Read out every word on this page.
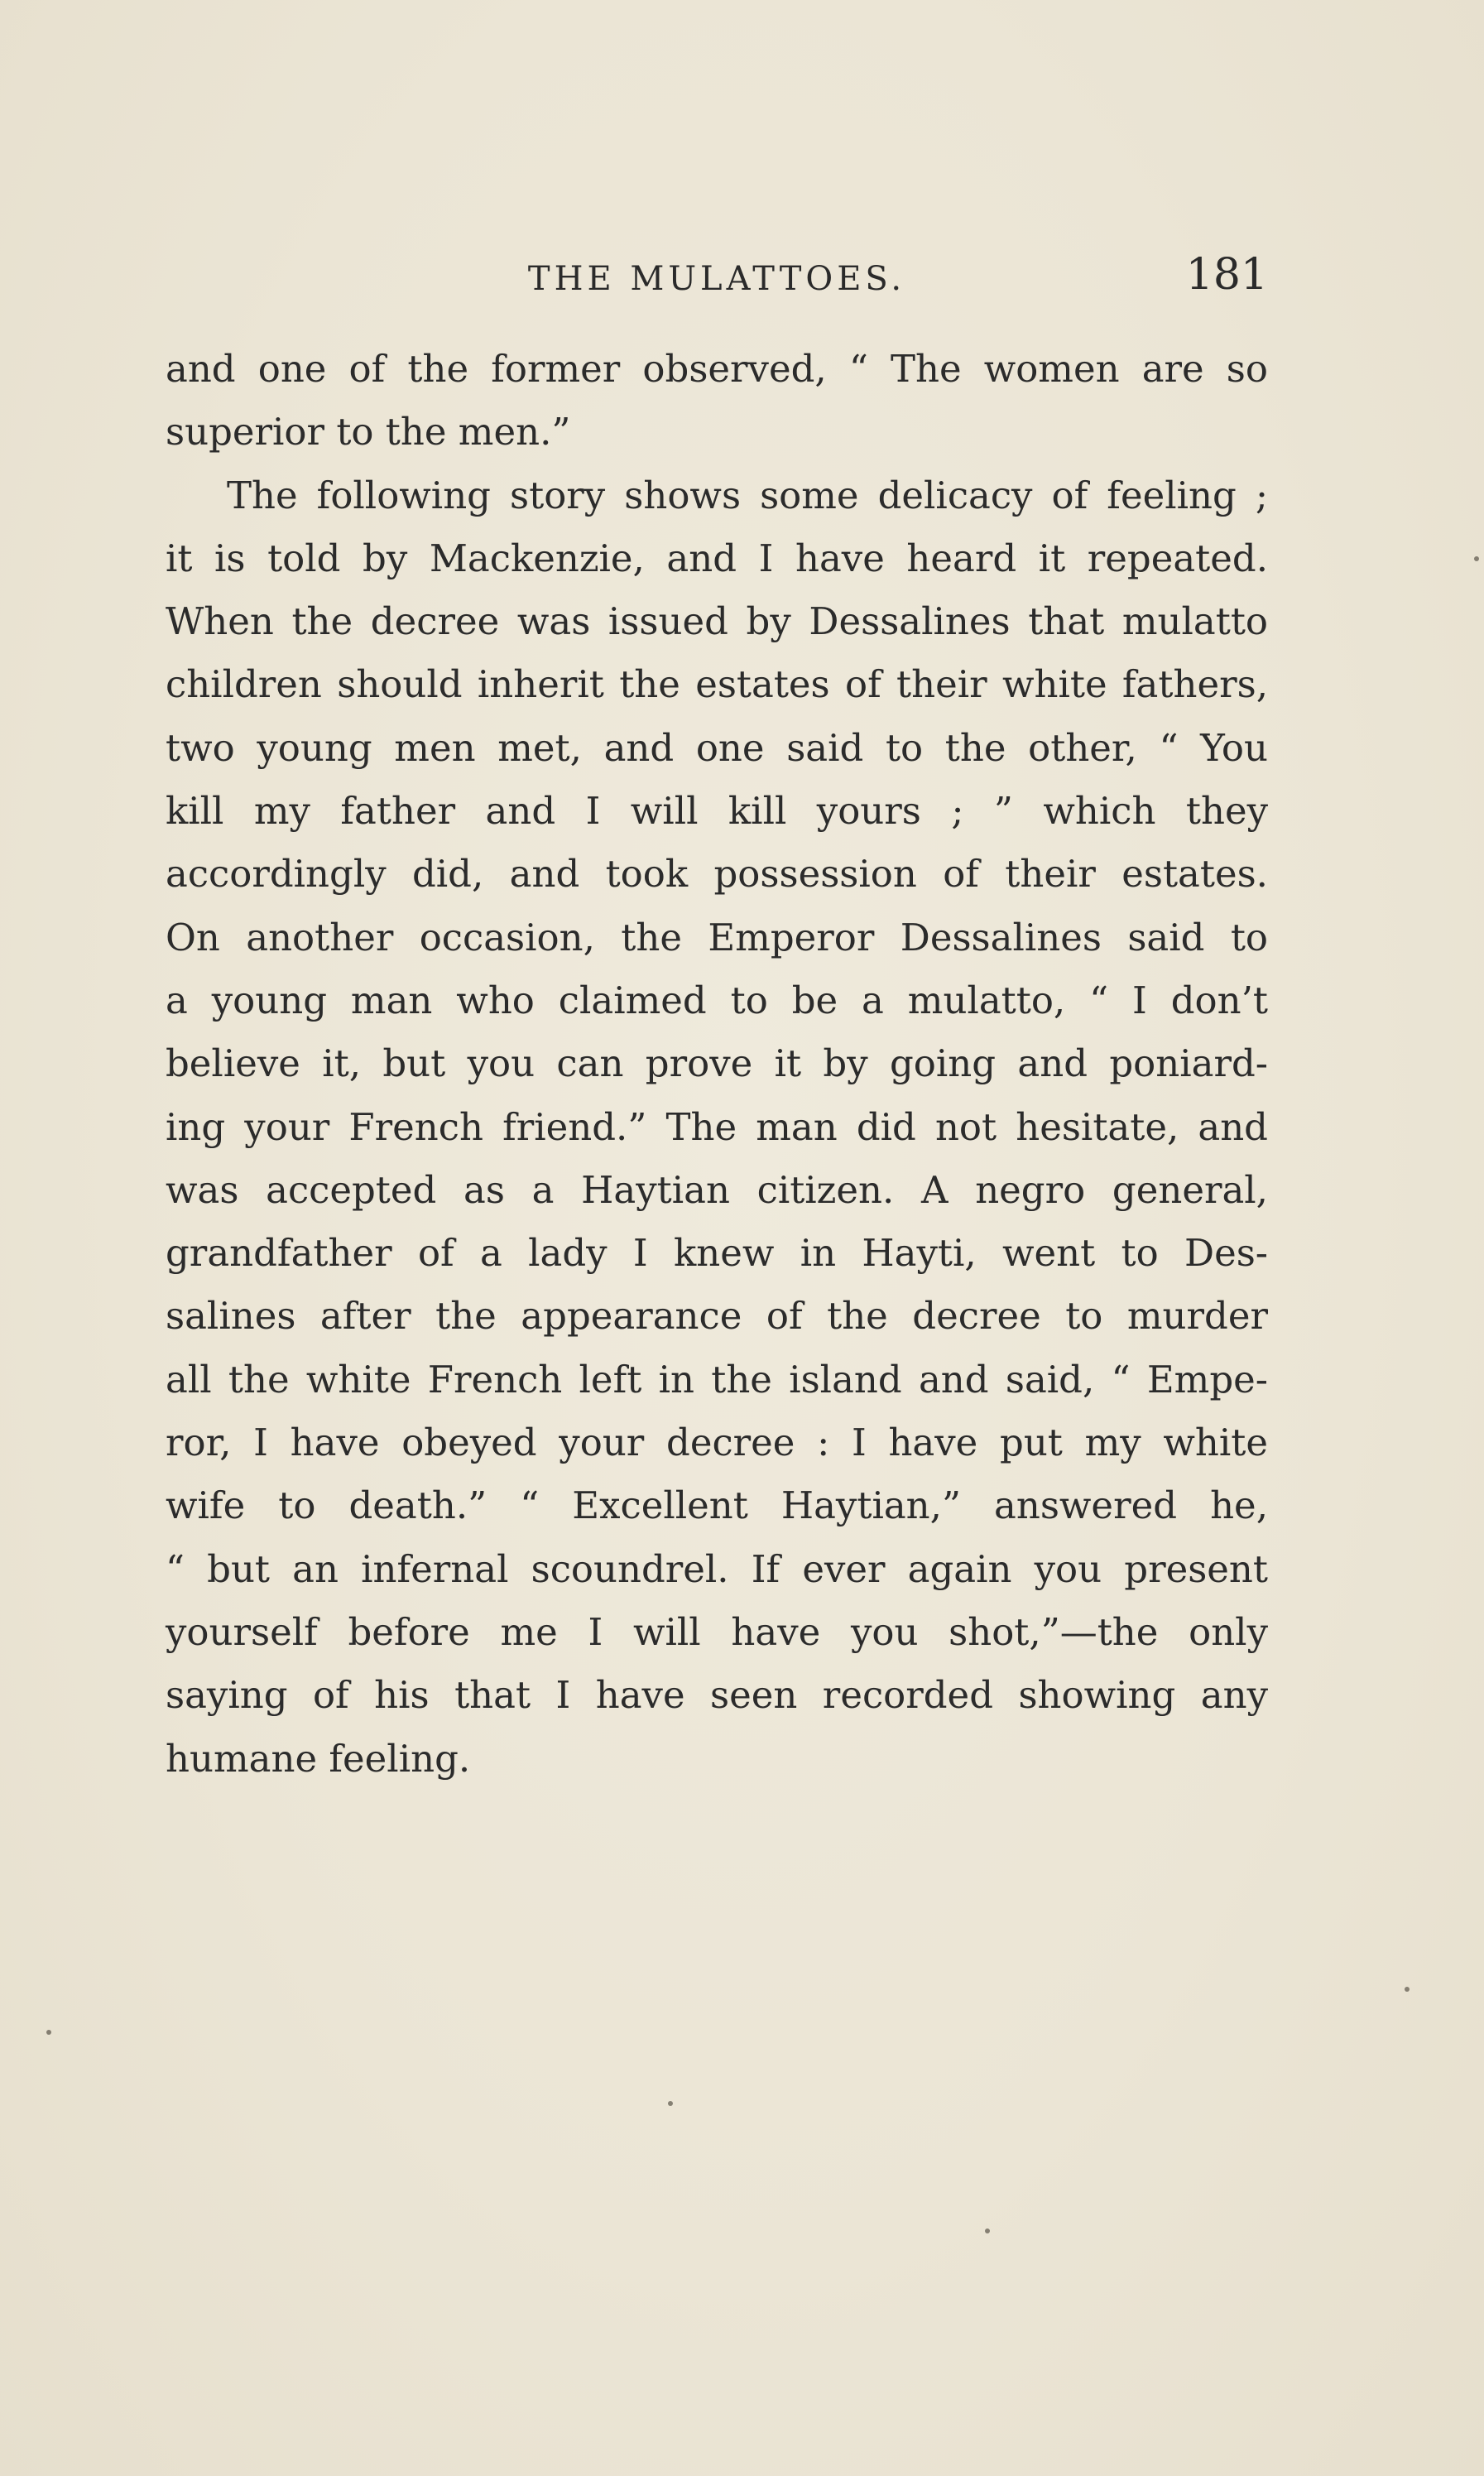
THE MULATTOES.	181
and one of the former observed, “ The women are so
superior to the men.”
The following story shows some delicacy of feeling ;
it is told by Mackenzie, and I have heard it repeated.
When the decree was issued by Dessalines that mulatto
children should inherit the estates of their white fathers,
two young men met, and one said to the other, “ You
kill my father and I will kill yours ; ” which they
accordingly did, and took possession of their estates.
On another occasion, the Emperor Dessalines said to
a young man who claimed to be a mulatto, “ I don’t
believe it, but you can prove it by going and poniard-
ing your French friend.” The man did not hesitate, and
was accepted as a Haytian citizen. A negro general,
grandfather of a lady I knew in Hayti, went to Des-
salines after the appearance of the decree to murder
all the white French left in the island and said, “ Empe-
ror, I have obeyed your decree : I have put my white
wife to death.” “ Excellent Haytian,” answered he,
“ but an infernal scoundrel. If ever again you present
yourself before me I will have you shot,”—the only
saying of his that I have seen recorded showing any
humane feeling.
